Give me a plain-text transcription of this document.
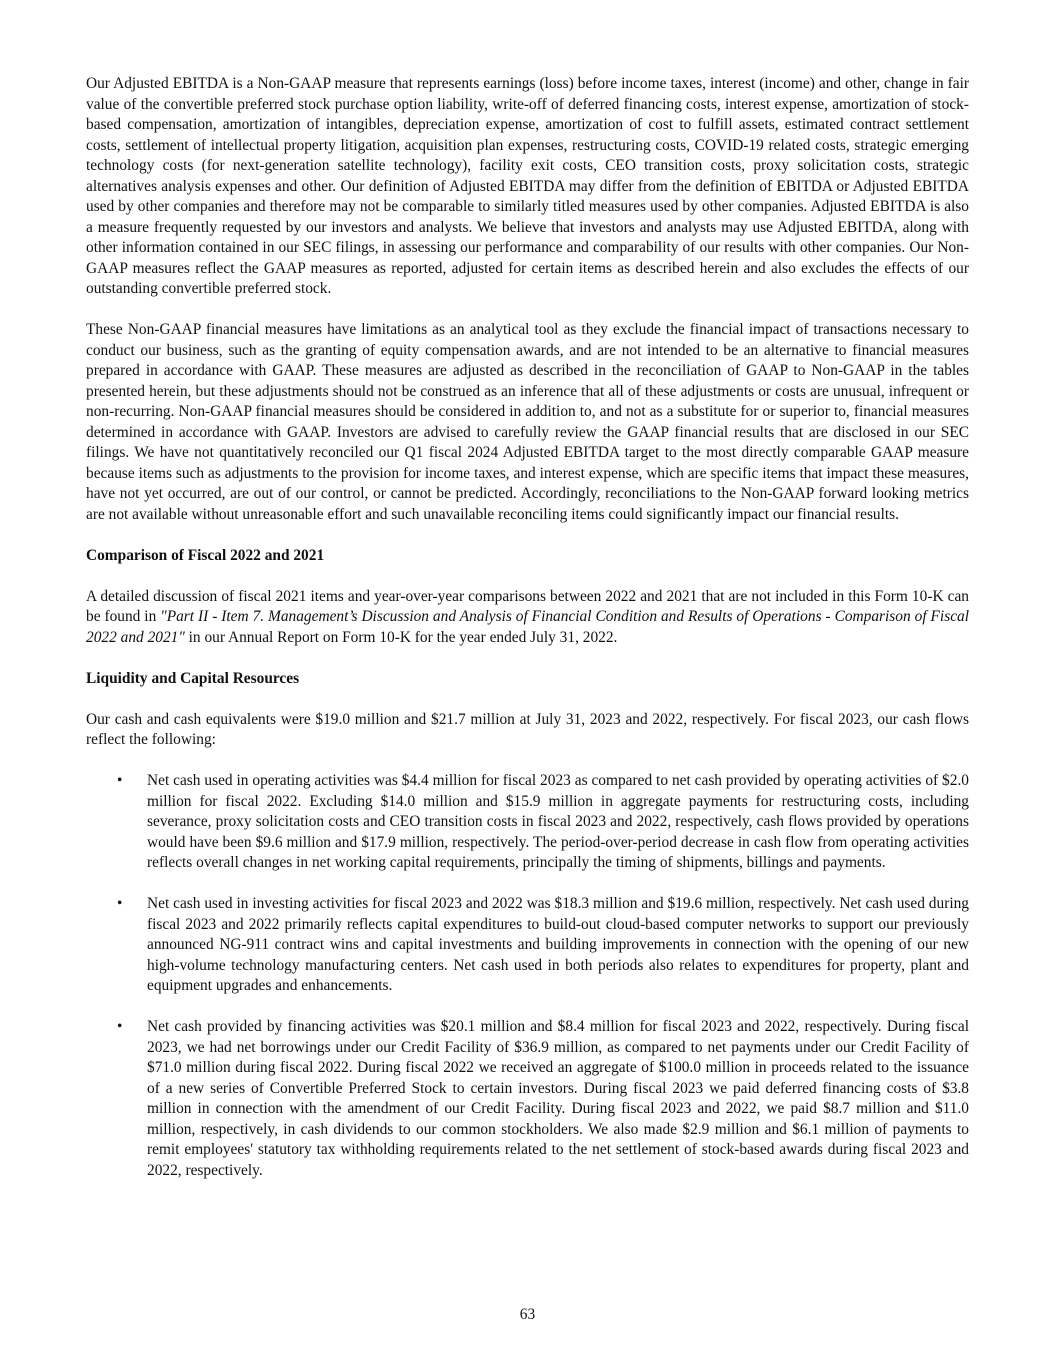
Our Adjusted EBITDA is a Non-GAAP measure that represents earnings (loss) before income taxes, interest (income) and other, change in fair value of the convertible preferred stock purchase option liability, write-off of deferred financing costs, interest expense, amortization of stock-based compensation, amortization of intangibles, depreciation expense, amortization of cost to fulfill assets, estimated contract settlement costs, settlement of intellectual property litigation, acquisition plan expenses, restructuring costs, COVID-19 related costs, strategic emerging technology costs (for next-generation satellite technology), facility exit costs, CEO transition costs, proxy solicitation costs, strategic alternatives analysis expenses and other. Our definition of Adjusted EBITDA may differ from the definition of EBITDA or Adjusted EBITDA used by other companies and therefore may not be comparable to similarly titled measures used by other companies. Adjusted EBITDA is also a measure frequently requested by our investors and analysts. We believe that investors and analysts may use Adjusted EBITDA, along with other information contained in our SEC filings, in assessing our performance and comparability of our results with other companies. Our Non-GAAP measures reflect the GAAP measures as reported, adjusted for certain items as described herein and also excludes the effects of our outstanding convertible preferred stock.

These Non-GAAP financial measures have limitations as an analytical tool as they exclude the financial impact of transactions necessary to conduct our business, such as the granting of equity compensation awards, and are not intended to be an alternative to financial measures prepared in accordance with GAAP. These measures are adjusted as described in the reconciliation of GAAP to Non-GAAP in the tables presented herein, but these adjustments should not be construed as an inference that all of these adjustments or costs are unusual, infrequent or non-recurring. Non-GAAP financial measures should be considered in addition to, and not as a substitute for or superior to, financial measures determined in accordance with GAAP. Investors are advised to carefully review the GAAP financial results that are disclosed in our SEC filings. We have not quantitatively reconciled our Q1 fiscal 2024 Adjusted EBITDA target to the most directly comparable GAAP measure because items such as adjustments to the provision for income taxes, and interest expense, which are specific items that impact these measures, have not yet occurred, are out of our control, or cannot be predicted. Accordingly, reconciliations to the Non-GAAP forward looking metrics are not available without unreasonable effort and such unavailable reconciling items could significantly impact our financial results.

Comparison of Fiscal 2022 and 2021

A detailed discussion of fiscal 2021 items and year-over-year comparisons between 2022 and 2021 that are not included in this Form 10-K can be found in "Part II - Item 7. Management’s Discussion and Analysis of Financial Condition and Results of Operations - Comparison of Fiscal 2022 and 2021" in our Annual Report on Form 10-K for the year ended July 31, 2022.

Liquidity and Capital Resources

Our cash and cash equivalents were $19.0 million and $21.7 million at July 31, 2023 and 2022, respectively. For fiscal 2023, our cash flows reflect the following:

• Net cash used in operating activities was $4.4 million for fiscal 2023 as compared to net cash provided by operating activities of $2.0 million for fiscal 2022. Excluding $14.0 million and $15.9 million in aggregate payments for restructuring costs, including severance, proxy solicitation costs and CEO transition costs in fiscal 2023 and 2022, respectively, cash flows provided by operations would have been $9.6 million and $17.9 million, respectively. The period-over-period decrease in cash flow from operating activities reflects overall changes in net working capital requirements, principally the timing of shipments, billings and payments.

• Net cash used in investing activities for fiscal 2023 and 2022 was $18.3 million and $19.6 million, respectively. Net cash used during fiscal 2023 and 2022 primarily reflects capital expenditures to build-out cloud-based computer networks to support our previously announced NG-911 contract wins and capital investments and building improvements in connection with the opening of our new high-volume technology manufacturing centers. Net cash used in both periods also relates to expenditures for property, plant and equipment upgrades and enhancements.

• Net cash provided by financing activities was $20.1 million and $8.4 million for fiscal 2023 and 2022, respectively. During fiscal 2023, we had net borrowings under our Credit Facility of $36.9 million, as compared to net payments under our Credit Facility of $71.0 million during fiscal 2022. During fiscal 2022 we received an aggregate of $100.0 million in proceeds related to the issuance of a new series of Convertible Preferred Stock to certain investors. During fiscal 2023 we paid deferred financing costs of $3.8 million in connection with the amendment of our Credit Facility. During fiscal 2023 and 2022, we paid $8.7 million and $11.0 million, respectively, in cash dividends to our common stockholders. We also made $2.9 million and $6.1 million of payments to remit employees' statutory tax withholding requirements related to the net settlement of stock-based awards during fiscal 2023 and 2022, respectively.

63
